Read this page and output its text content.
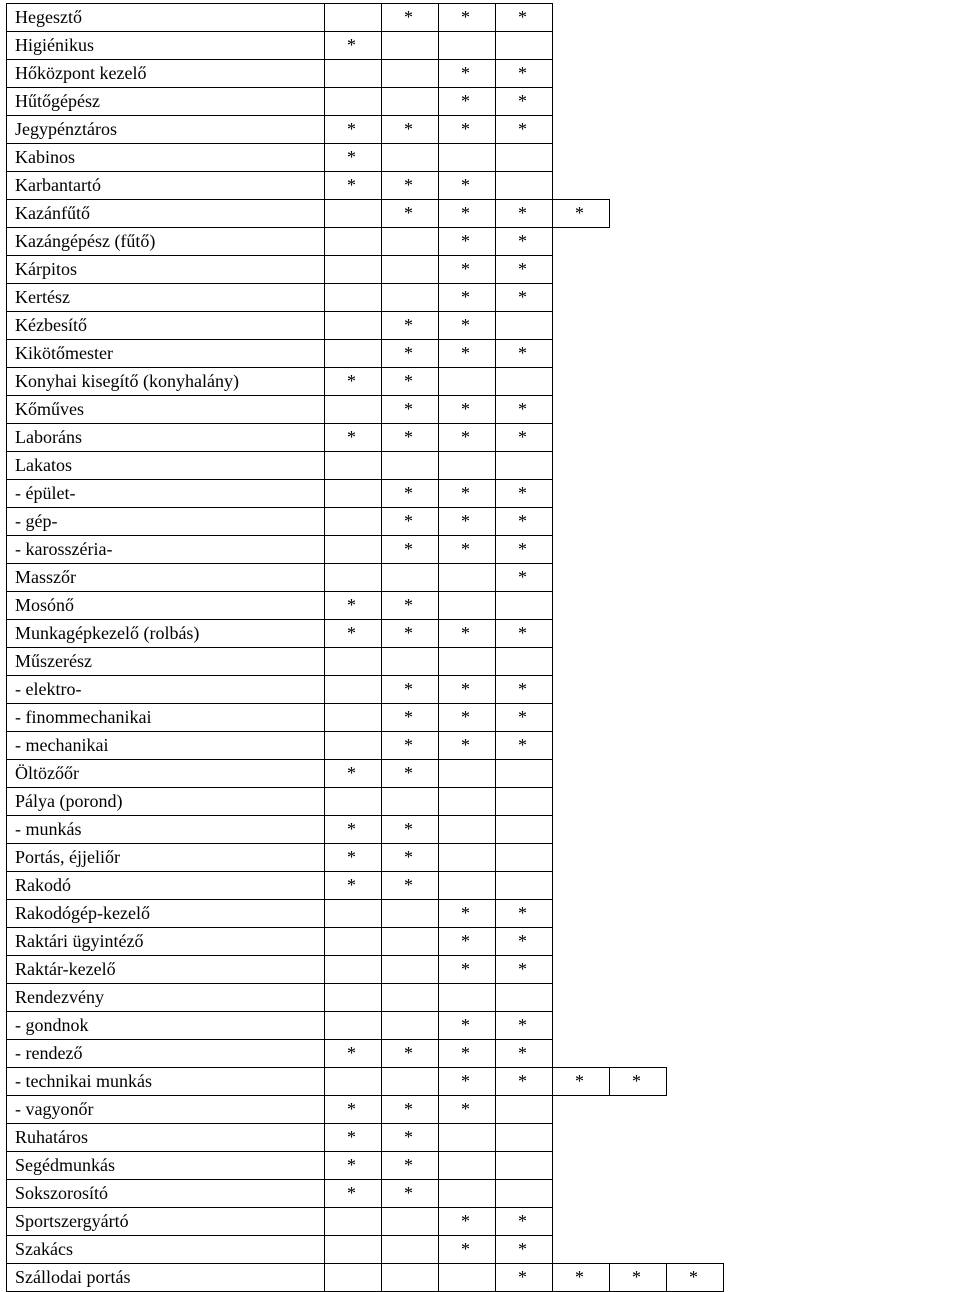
Hegesztő		*	*	*			
Higiénikus	*						
Hőközpont kezelő			*	*			
Hűtőgépész			*	*			
Jegypénztáros	*	*	*	*			
Kabinos	*						
Karbantartó	*	*	*				
Kazánfűtő		*	*	*	*		
Kazángépész (fűtő)			*	*			
Kárpitos			*	*			
Kertész			*	*			
Kézbesítő		*	*				
Kikötőmester		*	*	*			
Konyhai kisegítő (konyhalány)	*	*					
Kőműves		*	*	*			
Laboráns	*	*	*	*			
Lakatos							
- épület-		*	*	*			
- gép-		*	*	*			
- karosszéria-		*	*	*			
Masszőr				*			
Mosónő	*	*					
Munkagépkezelő (rolbás)	*	*	*	*			
Műszerész							
- elektro-		*	*	*			
- finommechanikai		*	*	*			
- mechanikai		*	*	*			
Öltözőőr	*	*					
Pálya (porond)							
- munkás	*	*					
Portás, éjjeliőr	*	*					
Rakodó	*	*					
Rakodógép-kezelő			*	*			
Raktári ügyintéző			*	*			
Raktár-kezelő			*	*			
Rendezvény							
- gondnok			*	*			
- rendező	*	*	*	*			
- technikai munkás			*	*	*	*	
- vagyonőr	*	*	*				
Ruhatáros	*	*					
Segédmunkás	*	*					
Sokszorosító	*	*					
Sportszergyártó			*	*			
Szakács			*	*			
Szállodai portás				*	*	*	*
